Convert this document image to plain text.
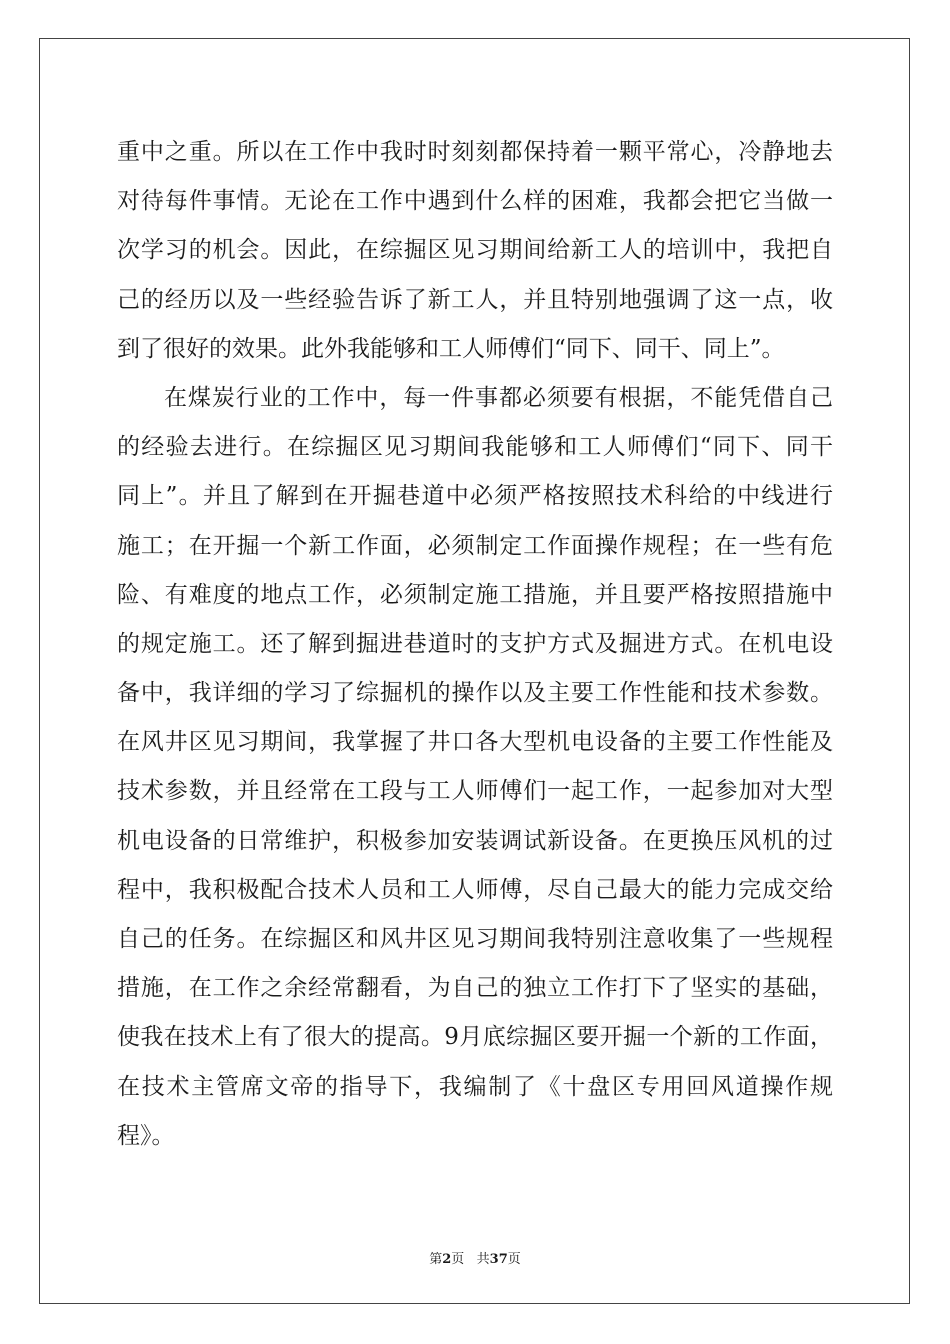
重中之重。所以在工作中我时时刻刻都保持着一颗平常心，冷静地去
对待每件事情。无论在工作中遇到什么样的困难，我都会把它当做一
次学习的机会。因此，在综掘区见习期间给新工人的培训中，我把自
己的经历以及一些经验告诉了新工人，并且特别地强调了这一点，收
到了很好的效果。此外我能够和工人师傅们“同下、同干、同上”。
在煤炭行业的工作中，每一件事都必须要有根据，不能凭借自己
的经验去进行。在综掘区见习期间我能够和工人师傅们“同下、同干
同上”。并且了解到在开掘巷道中必须严格按照技术科给的中线进行
施工；在开掘一个新工作面，必须制定工作面操作规程；在一些有危
险、有难度的地点工作，必须制定施工措施，并且要严格按照措施中
的规定施工。还了解到掘进巷道时的支护方式及掘进方式。在机电设
备中，我详细的学习了综掘机的操作以及主要工作性能和技术参数。
在风井区见习期间，我掌握了井口各大型机电设备的主要工作性能及
技术参数，并且经常在工段与工人师傅们一起工作，一起参加对大型
机电设备的日常维护，积极参加安装调试新设备。在更换压风机的过
程中，我积极配合技术人员和工人师傅，尽自己最大的能力完成交给
自己的任务。在综掘区和风井区见习期间我特别注意收集了一些规程
措施，在工作之余经常翻看，为自己的独立工作打下了坚实的基础，
使我在技术上有了很大的提高。9月底综掘区要开掘一个新的工作面，
在技术主管席文帝的指导下，我编制了《十盘区专用回风道操作规
程》。
第2页   共37页
